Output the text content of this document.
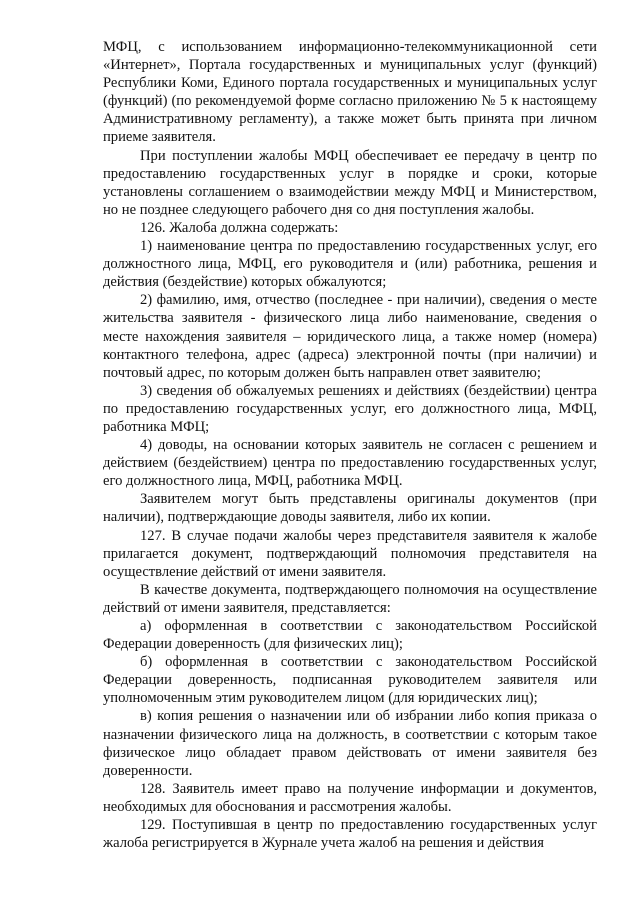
МФЦ, с использованием информационно-телекоммуникационной сети «Интернет», Портала государственных и муниципальных услуг (функций) Республики Коми, Единого портала государственных и муниципальных услуг (функций) (по рекомендуемой форме согласно приложению № 5 к настоящему Административному регламенту), а также может быть принята при личном приеме заявителя.

При поступлении жалобы МФЦ обеспечивает ее передачу в центр по предоставлению государственных услуг в порядке и сроки, которые установлены соглашением о взаимодействии между МФЦ и Министерством, но не позднее следующего рабочего дня со дня поступления жалобы.

126. Жалоба должна содержать:

1) наименование центра по предоставлению государственных услуг, его должностного лица, МФЦ, его руководителя и (или) работника, решения и действия (бездействие) которых обжалуются;

2) фамилию, имя, отчество (последнее - при наличии), сведения о месте жительства заявителя - физического лица либо наименование, сведения о месте нахождения заявителя – юридического лица, а также номер (номера) контактного телефона, адрес (адреса) электронной почты (при наличии) и почтовый адрес, по которым должен быть направлен ответ заявителю;

3) сведения об обжалуемых решениях и действиях (бездействии) центра по предоставлению государственных услуг, его должностного лица, МФЦ, работника МФЦ;

4) доводы, на основании которых заявитель не согласен с решением и действием (бездействием) центра по предоставлению государственных услуг, его должностного лица, МФЦ, работника МФЦ.

Заявителем могут быть представлены оригиналы документов (при наличии), подтверждающие доводы заявителя, либо их копии.

127. В случае подачи жалобы через представителя заявителя к жалобе прилагается документ, подтверждающий полномочия представителя на осуществление действий от имени заявителя.

В качестве документа, подтверждающего полномочия на осуществление действий от имени заявителя, представляется:

а) оформленная в соответствии с законодательством Российской Федерации доверенность (для физических лиц);

б) оформленная в соответствии с законодательством Российской Федерации доверенность, подписанная руководителем заявителя или уполномоченным этим руководителем лицом (для юридических лиц);

в) копия решения о назначении или об избрании либо копия приказа о назначении физического лица на должность, в соответствии с которым такое физическое лицо обладает правом действовать от имени заявителя без доверенности.

128. Заявитель имеет право на получение информации и документов, необходимых для обоснования и рассмотрения жалобы.

129. Поступившая в центр по предоставлению государственных услуг жалоба регистрируется в Журнале учета жалоб на решения и действия
